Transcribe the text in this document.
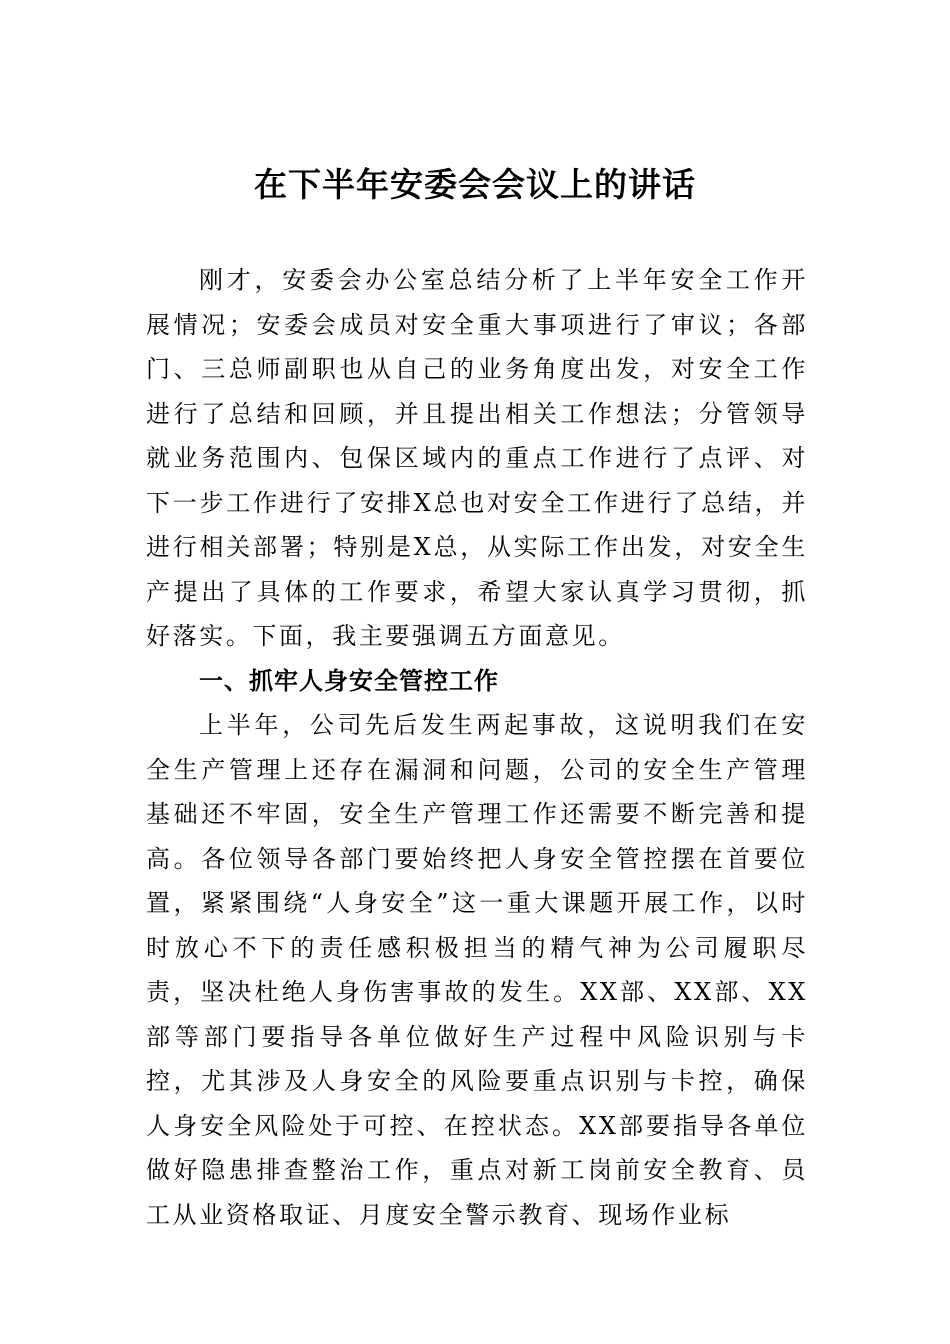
在下半年安委会会议上的讲话

刚才，安委会办公室总结分析了上半年安全工作开展情况；安委会成员对安全重大事项进行了审议；各部门、三总师副职也从自己的业务角度出发，对安全工作进行了总结和回顾，并且提出相关工作想法；分管领导就业务范围内、包保区域内的重点工作进行了点评、对下一步工作进行了安排X总也对安全工作进行了总结，并进行相关部署；特别是X总，从实际工作出发，对安全生产提出了具体的工作要求，希望大家认真学习贯彻，抓好落实。下面，我主要强调五方面意见。

一、抓牢人身安全管控工作

上半年，公司先后发生两起事故，这说明我们在安全生产管理上还存在漏洞和问题，公司的安全生产管理基础还不牢固，安全生产管理工作还需要不断完善和提高。各位领导各部门要始终把人身安全管控摆在首要位置，紧紧围绕“人身安全”这一重大课题开展工作，以时时放心不下的责任感积极担当的精气神为公司履职尽责，坚决杜绝人身伤害事故的发生。XX部、XX部、XX部等部门要指导各单位做好生产过程中风险识别与卡控，尤其涉及人身安全的风险要重点识别与卡控，确保人身安全风险处于可控、在控状态。XX部要指导各单位做好隐患排查整治工作，重点对新工岗前安全教育、员工从业资格取证、月度安全警示教育、现场作业标
